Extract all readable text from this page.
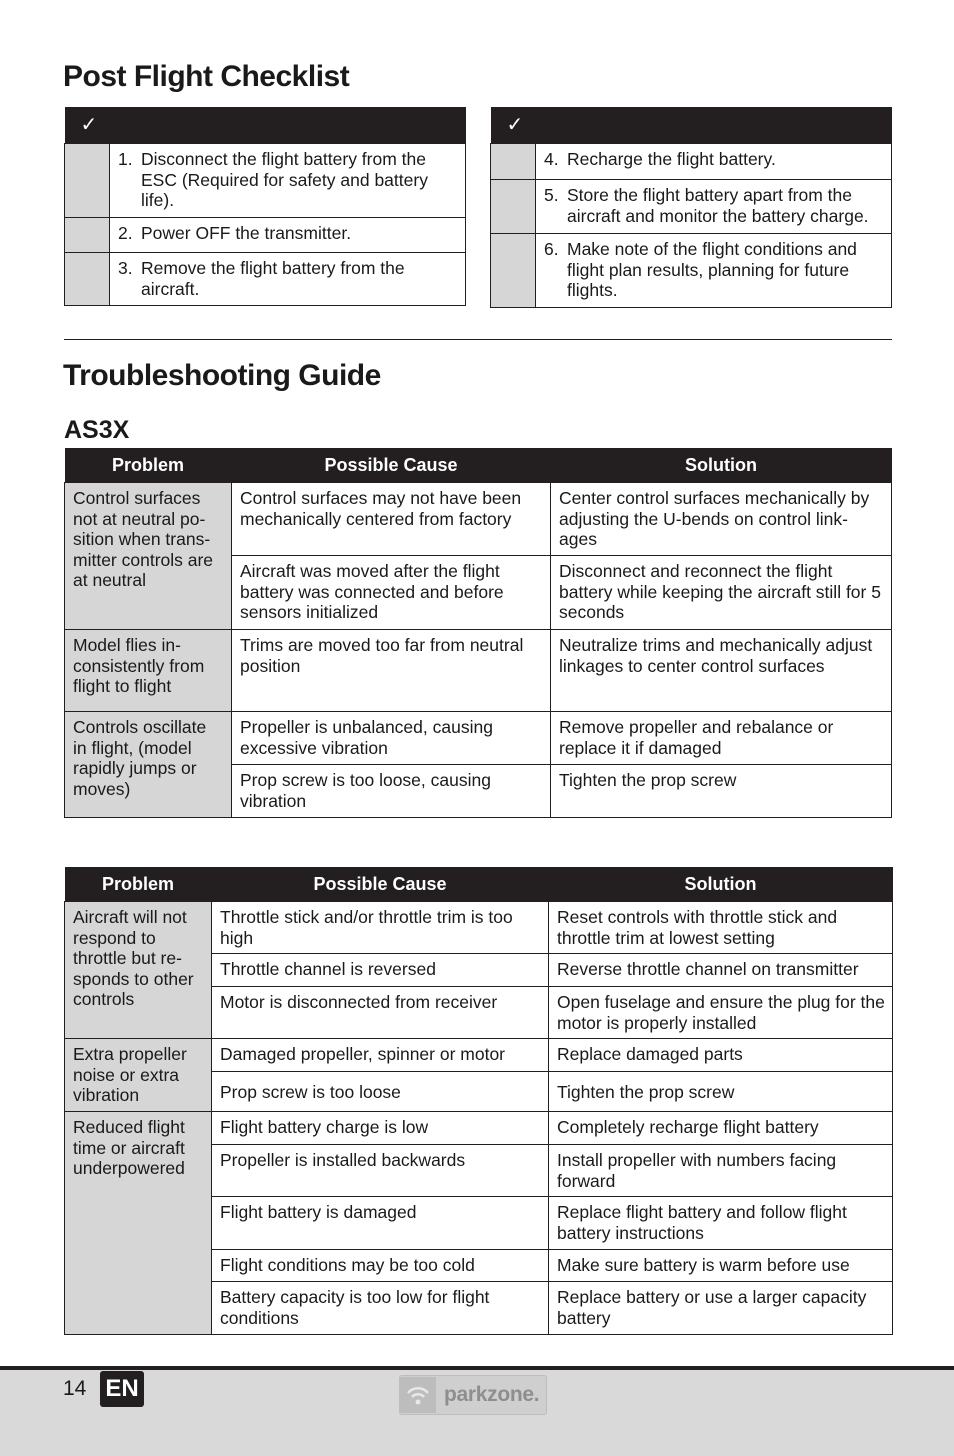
Post Flight Checklist
✓	

	1. Disconnect the flight battery from the ESC (Required for safety and battery life).

	2. Power OFF the transmitter.

	3. Remove the flight battery from the aircraft.
✓	

	4. Recharge the flight battery.

	5. Store the flight battery apart from the aircraft and monitor the battery charge.

	6. Make note of the flight conditions and flight plan results, planning for future flights.
Troubleshooting Guide
AS3X
Problem	Possible Cause	Solution
Control surfaces not at neutral po-sition when trans-mitter controls are at neutral	Control surfaces may not have been mechanically centered from factory	Center control surfaces mechanically by adjusting the U-bends on control link-ages
	Aircraft was moved after the flight battery was connected and before sensors initialized	Disconnect and reconnect the flight battery while keeping the aircraft still for 5 seconds
Model flies in-consistently from flight to flight	Trims are moved too far from neutral position	Neutralize trims and mechanically adjust linkages to center control surfaces
Controls oscillate in flight, (model rapidly jumps or moves)	Propeller is unbalanced, causing excessive vibration	Remove propeller and rebalance or replace it if damaged
	Prop screw is too loose, causing vibration	Tighten the prop screw
Problem	Possible Cause	Solution
Aircraft will not respond to throttle but re-sponds to other controls	Throttle stick and/or throttle trim is too high	Reset controls with throttle stick and throttle trim at lowest setting
	Throttle channel is reversed	Reverse throttle channel on transmitter
	Motor is disconnected from receiver	Open fuselage and ensure the plug for the motor is properly installed
Extra propeller noise or extra vibration	Damaged propeller, spinner or motor	Replace damaged parts
	Prop screw is too loose	Tighten the prop screw
Reduced flight time or aircraft underpowered	Flight battery charge is low	Completely recharge flight battery
	Propeller is installed backwards	Install propeller with numbers facing forward
	Flight battery is damaged	Replace flight battery and follow flight battery instructions
	Flight conditions may be too cold	Make sure battery is warm before use
	Battery capacity is too low for flight conditions	Replace battery or use a larger capacity battery
14 EN	parkzone.
